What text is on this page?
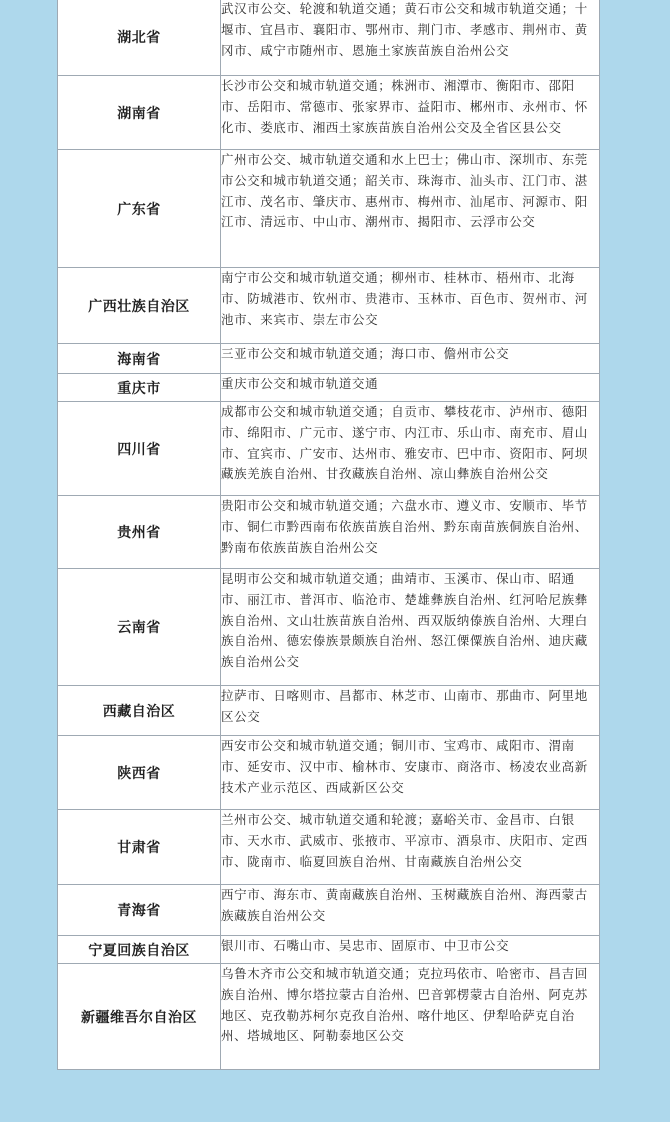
湖北省	武汉市公交、轮渡和轨道交通；黄石市公交和城市轨道交通；十堰市、宜昌市、襄阳市、鄂州市、荆门市、孝感市、荆州市、黄冈市、咸宁市随州市、恩施土家族苗族自治州公交
湖南省	长沙市公交和城市轨道交通；株洲市、湘潭市、衡阳市、邵阳市、岳阳市、常德市、张家界市、益阳市、郴州市、永州市、怀化市、娄底市、湘西土家族苗族自治州公交及全省区县公交
广东省	广州市公交、城市轨道交通和水上巴士；佛山市、深圳市、东莞市公交和城市轨道交通；韶关市、珠海市、汕头市、江门市、湛江市、茂名市、肇庆市、惠州市、梅州市、汕尾市、河源市、阳江市、清远市、中山市、潮州市、揭阳市、云浮市公交
广西壮族自治区	南宁市公交和城市轨道交通；柳州市、桂林市、梧州市、北海市、防城港市、钦州市、贵港市、玉林市、百色市、贺州市、河池市、来宾市、崇左市公交
海南省	三亚市公交和城市轨道交通；海口市、儋州市公交
重庆市	重庆市公交和城市轨道交通
四川省	成都市公交和城市轨道交通；自贡市、攀枝花市、泸州市、德阳市、绵阳市、广元市、遂宁市、内江市、乐山市、南充市、眉山市、宜宾市、广安市、达州市、雅安市、巴中市、资阳市、阿坝藏族羌族自治州、甘孜藏族自治州、凉山彝族自治州公交
贵州省	贵阳市公交和城市轨道交通；六盘水市、遵义市、安顺市、毕节市、铜仁市黔西南布依族苗族自治州、黔东南苗族侗族自治州、黔南布依族苗族自治州公交
云南省	昆明市公交和城市轨道交通；曲靖市、玉溪市、保山市、昭通市、丽江市、普洱市、临沧市、楚雄彝族自治州、红河哈尼族彝族自治州、文山壮族苗族自治州、西双版纳傣族自治州、大理白族自治州、德宏傣族景颇族自治州、怒江傈僳族自治州、迪庆藏族自治州公交
西藏自治区	拉萨市、日喀则市、昌都市、林芝市、山南市、那曲市、阿里地区公交
陕西省	西安市公交和城市轨道交通；铜川市、宝鸡市、咸阳市、渭南市、延安市、汉中市、榆林市、安康市、商洛市、杨凌农业高新技术产业示范区、西咸新区公交
甘肃省	兰州市公交、城市轨道交通和轮渡；嘉峪关市、金昌市、白银市、天水市、武威市、张掖市、平凉市、酒泉市、庆阳市、定西市、陇南市、临夏回族自治州、甘南藏族自治州公交
青海省	西宁市、海东市、黄南藏族自治州、玉树藏族自治州、海西蒙古族藏族自治州公交
宁夏回族自治区	银川市、石嘴山市、吴忠市、固原市、中卫市公交
新疆维吾尔自治区	乌鲁木齐市公交和城市轨道交通；克拉玛依市、哈密市、昌吉回族自治州、博尔塔拉蒙古自治州、巴音郭楞蒙古自治州、阿克苏地区、克孜勒苏柯尔克孜自治州、喀什地区、伊犁哈萨克自治州、塔城地区、阿勒泰地区公交
